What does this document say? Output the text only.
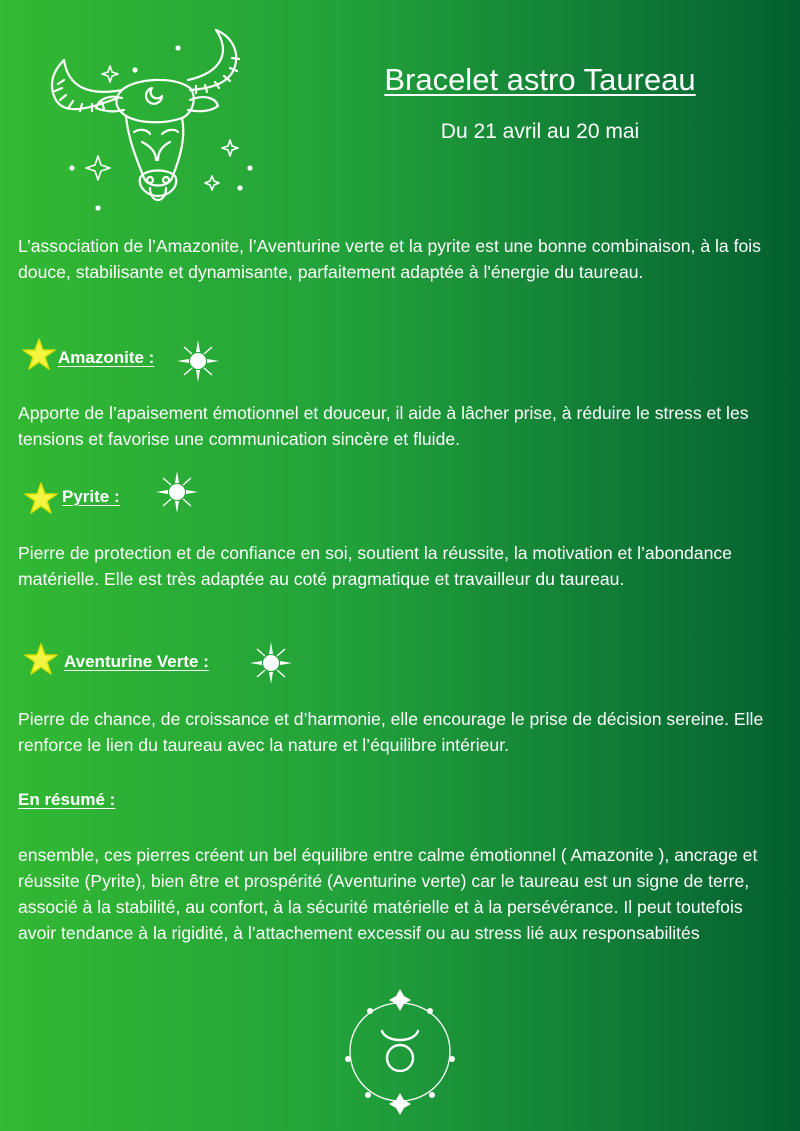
Bracelet astro Taureau
Du 21 avril au 20 mai
L’association de l’Amazonite, l’Aventurine verte et la pyrite est une bonne combinaison, à la fois douce, stabilisante et dynamisante, parfaitement adaptée à l'énergie du taureau.
Amazonite :
Apporte de l’apaisement émotionnel et douceur, il aide à lâcher prise, à réduire le stress et les tensions et favorise une communication sincère et fluide.
Pyrite :
Pierre de protection et de confiance en soi, soutient la réussite, la motivation et l’abondance matérielle. Elle est très adaptée au coté pragmatique et travailleur du taureau.
Aventurine Verte :
Pierre de chance, de croissance et d’harmonie, elle encourage le prise de décision sereine. Elle renforce le lien du taureau avec la nature et l’équilibre intérieur.
En résumé :
ensemble, ces pierres créent un bel équilibre entre calme émotionnel ( Amazonite ), ancrage et réussite (Pyrite), bien être et prospérité (Aventurine verte) car le taureau est un signe de terre, associé à la stabilité, au confort, à la sécurité matérielle et à la persévérance. Il peut toutefois avoir tendance à la rigidité, à l’attachement excessif ou au stress lié aux responsabilités
